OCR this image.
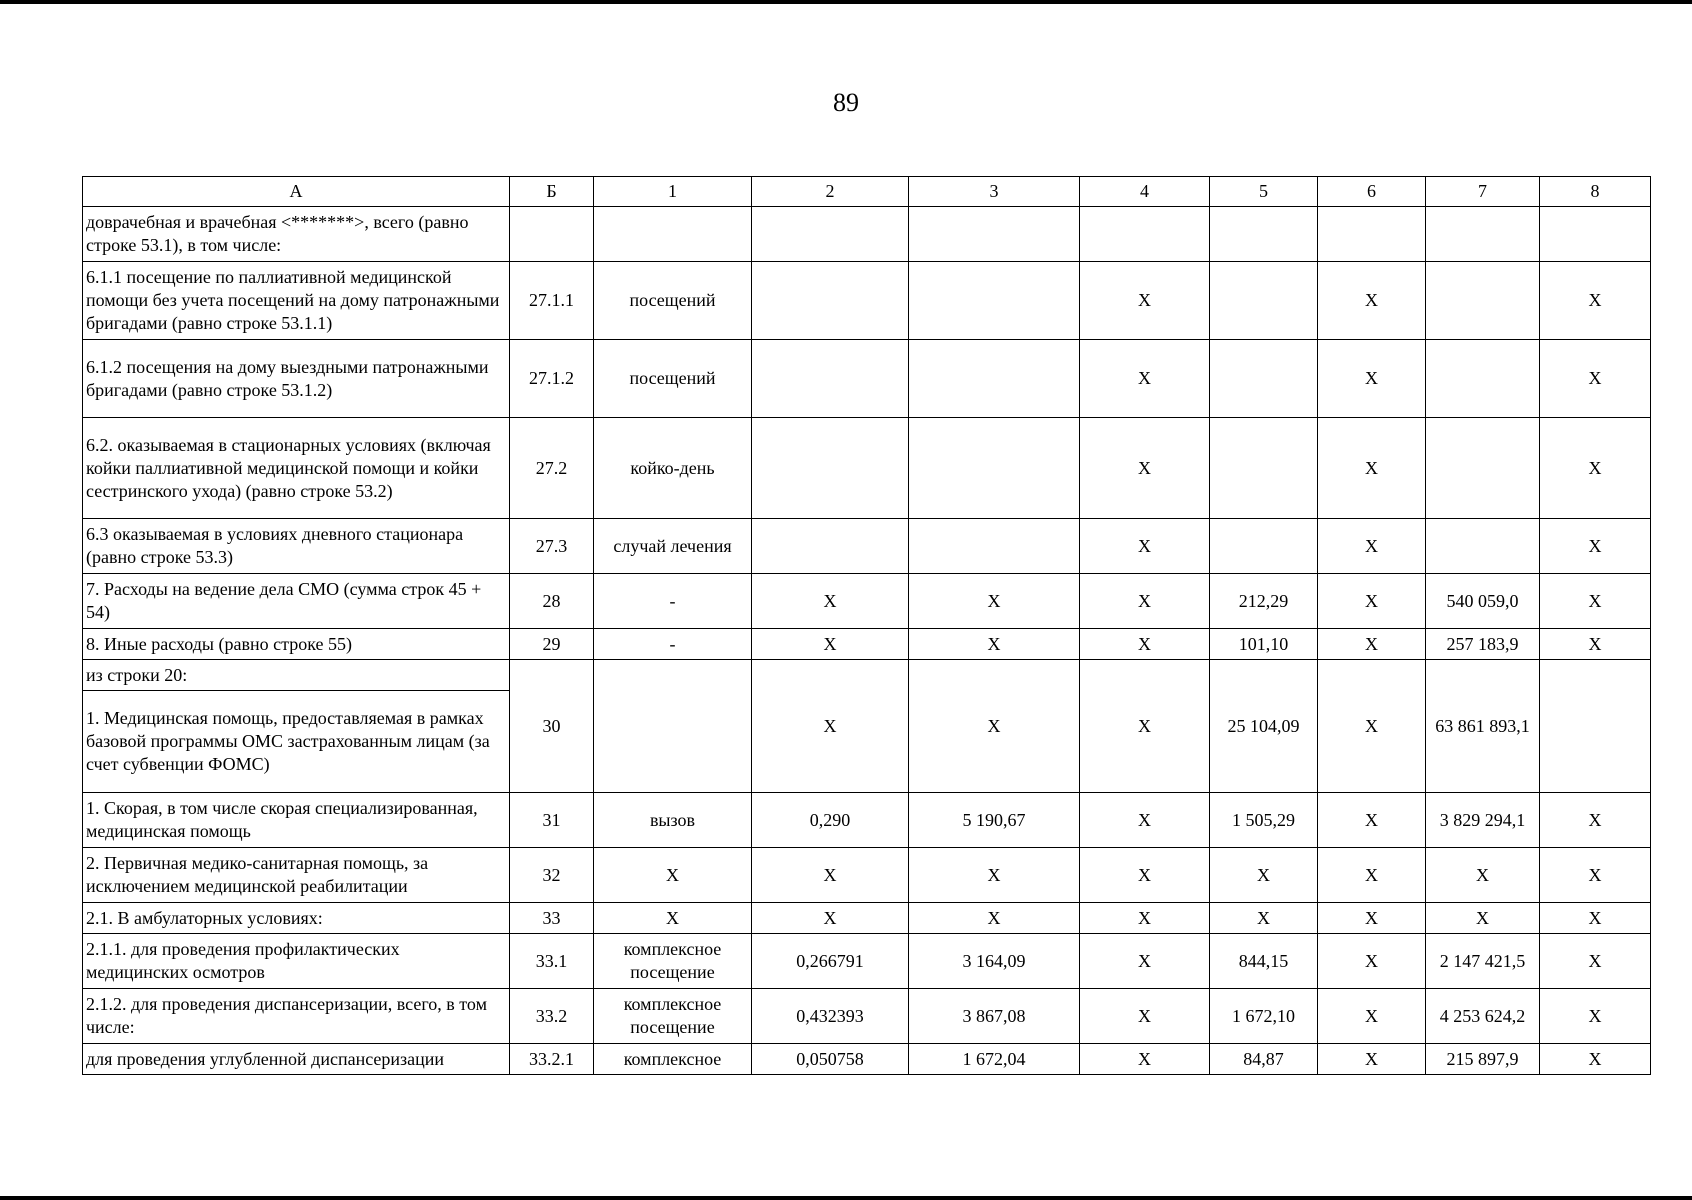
89
А	Б	1	2	3	4	5	6	7	8
доврачебная и врачебная <*******>, всего (равно строке 53.1), в том числе:									
6.1.1 посещение по паллиативной медицинской помощи без учета посещений на дому патронажными бригадами (равно строке 53.1.1)	27.1.1	посещений			Х		Х		Х
6.1.2 посещения на дому выездными патронажными бригадами (равно строке 53.1.2)	27.1.2	посещений			Х		Х		Х
6.2. оказываемая в стационарных условиях (включая койки паллиативной медицинской помощи и койки сестринского ухода) (равно строке 53.2)	27.2	койко-день			Х		Х		Х
6.3 оказываемая в условиях дневного стационара (равно строке 53.3)	27.3	случай лечения			Х		Х		Х
7. Расходы на ведение дела СМО (сумма строк 45 + 54)	28	-	Х	Х	Х	212,29	Х	540 059,0	Х
8. Иные расходы (равно строке 55)	29	-	Х	Х	Х	101,10	Х	257 183,9	Х
из строки 20:	30		Х	Х	Х	25 104,09	Х	63 861 893,1	
1. Медицинская помощь, предоставляемая в рамках базовой программы ОМС застрахованным лицам (за счет субвенции ФОМС)									
1. Скорая, в том числе скорая специализированная, медицинская помощь	31	вызов	0,290	5 190,67	Х	1 505,29	Х	3 829 294,1	Х
2. Первичная медико-санитарная помощь, за исключением медицинской реабилитации	32	Х	Х	Х	Х	Х	Х	Х	Х
2.1. В амбулаторных условиях:	33	Х	Х	Х	Х	Х	Х	Х	Х
2.1.1. для проведения профилактических медицинских осмотров	33.1	комплексное посещение	0,266791	3 164,09	Х	844,15	Х	2 147 421,5	Х
2.1.2. для проведения диспансеризации, всего, в том числе:	33.2	комплексное посещение	0,432393	3 867,08	Х	1 672,10	Х	4 253 624,2	Х
для проведения углубленной диспансеризации	33.2.1	комплексное	0,050758	1 672,04	Х	84,87	Х	215 897,9	Х
